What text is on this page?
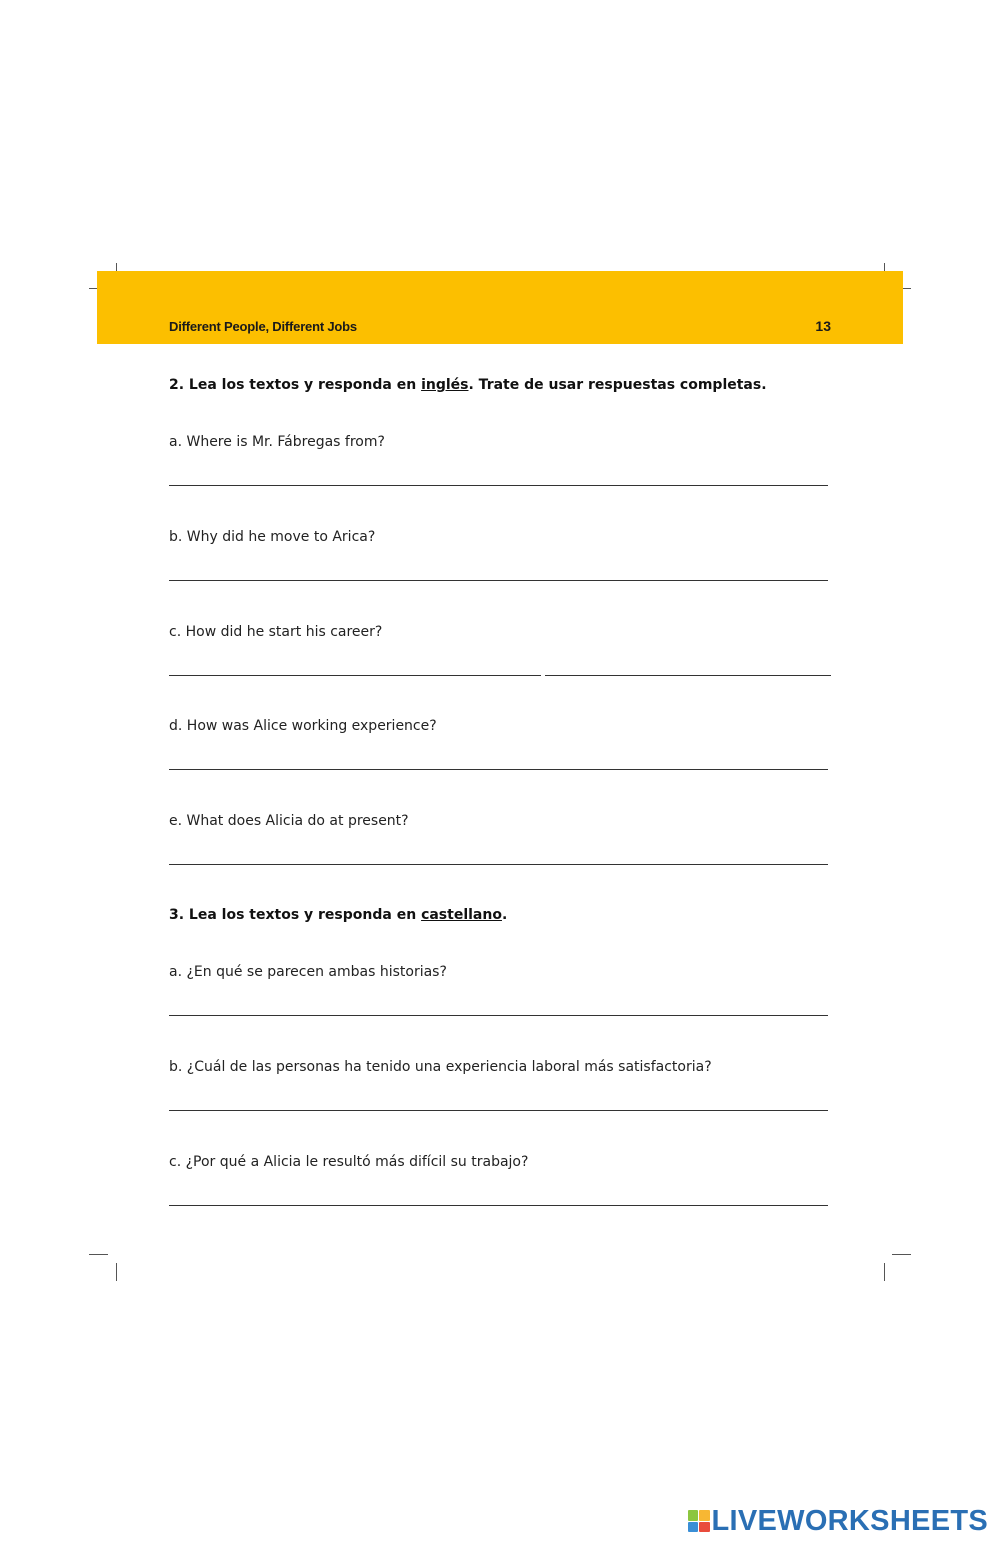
Different People, Different Jobs	13
2. Lea los textos y responda en inglés. Trate de usar respuestas completas.
a. Where is Mr. Fábregas from?
b. Why did he move to Arica?
c. How did he start his career?
d. How was Alice working experience?
e. What does Alicia do at present?
3. Lea los textos y responda en castellano.
a. ¿En qué se parecen ambas historias?
b. ¿Cuál de las personas ha tenido una experiencia laboral más satisfactoria?
c. ¿Por qué a Alicia le resultó más difícil su trabajo?
LIVEWORKSHEETS
